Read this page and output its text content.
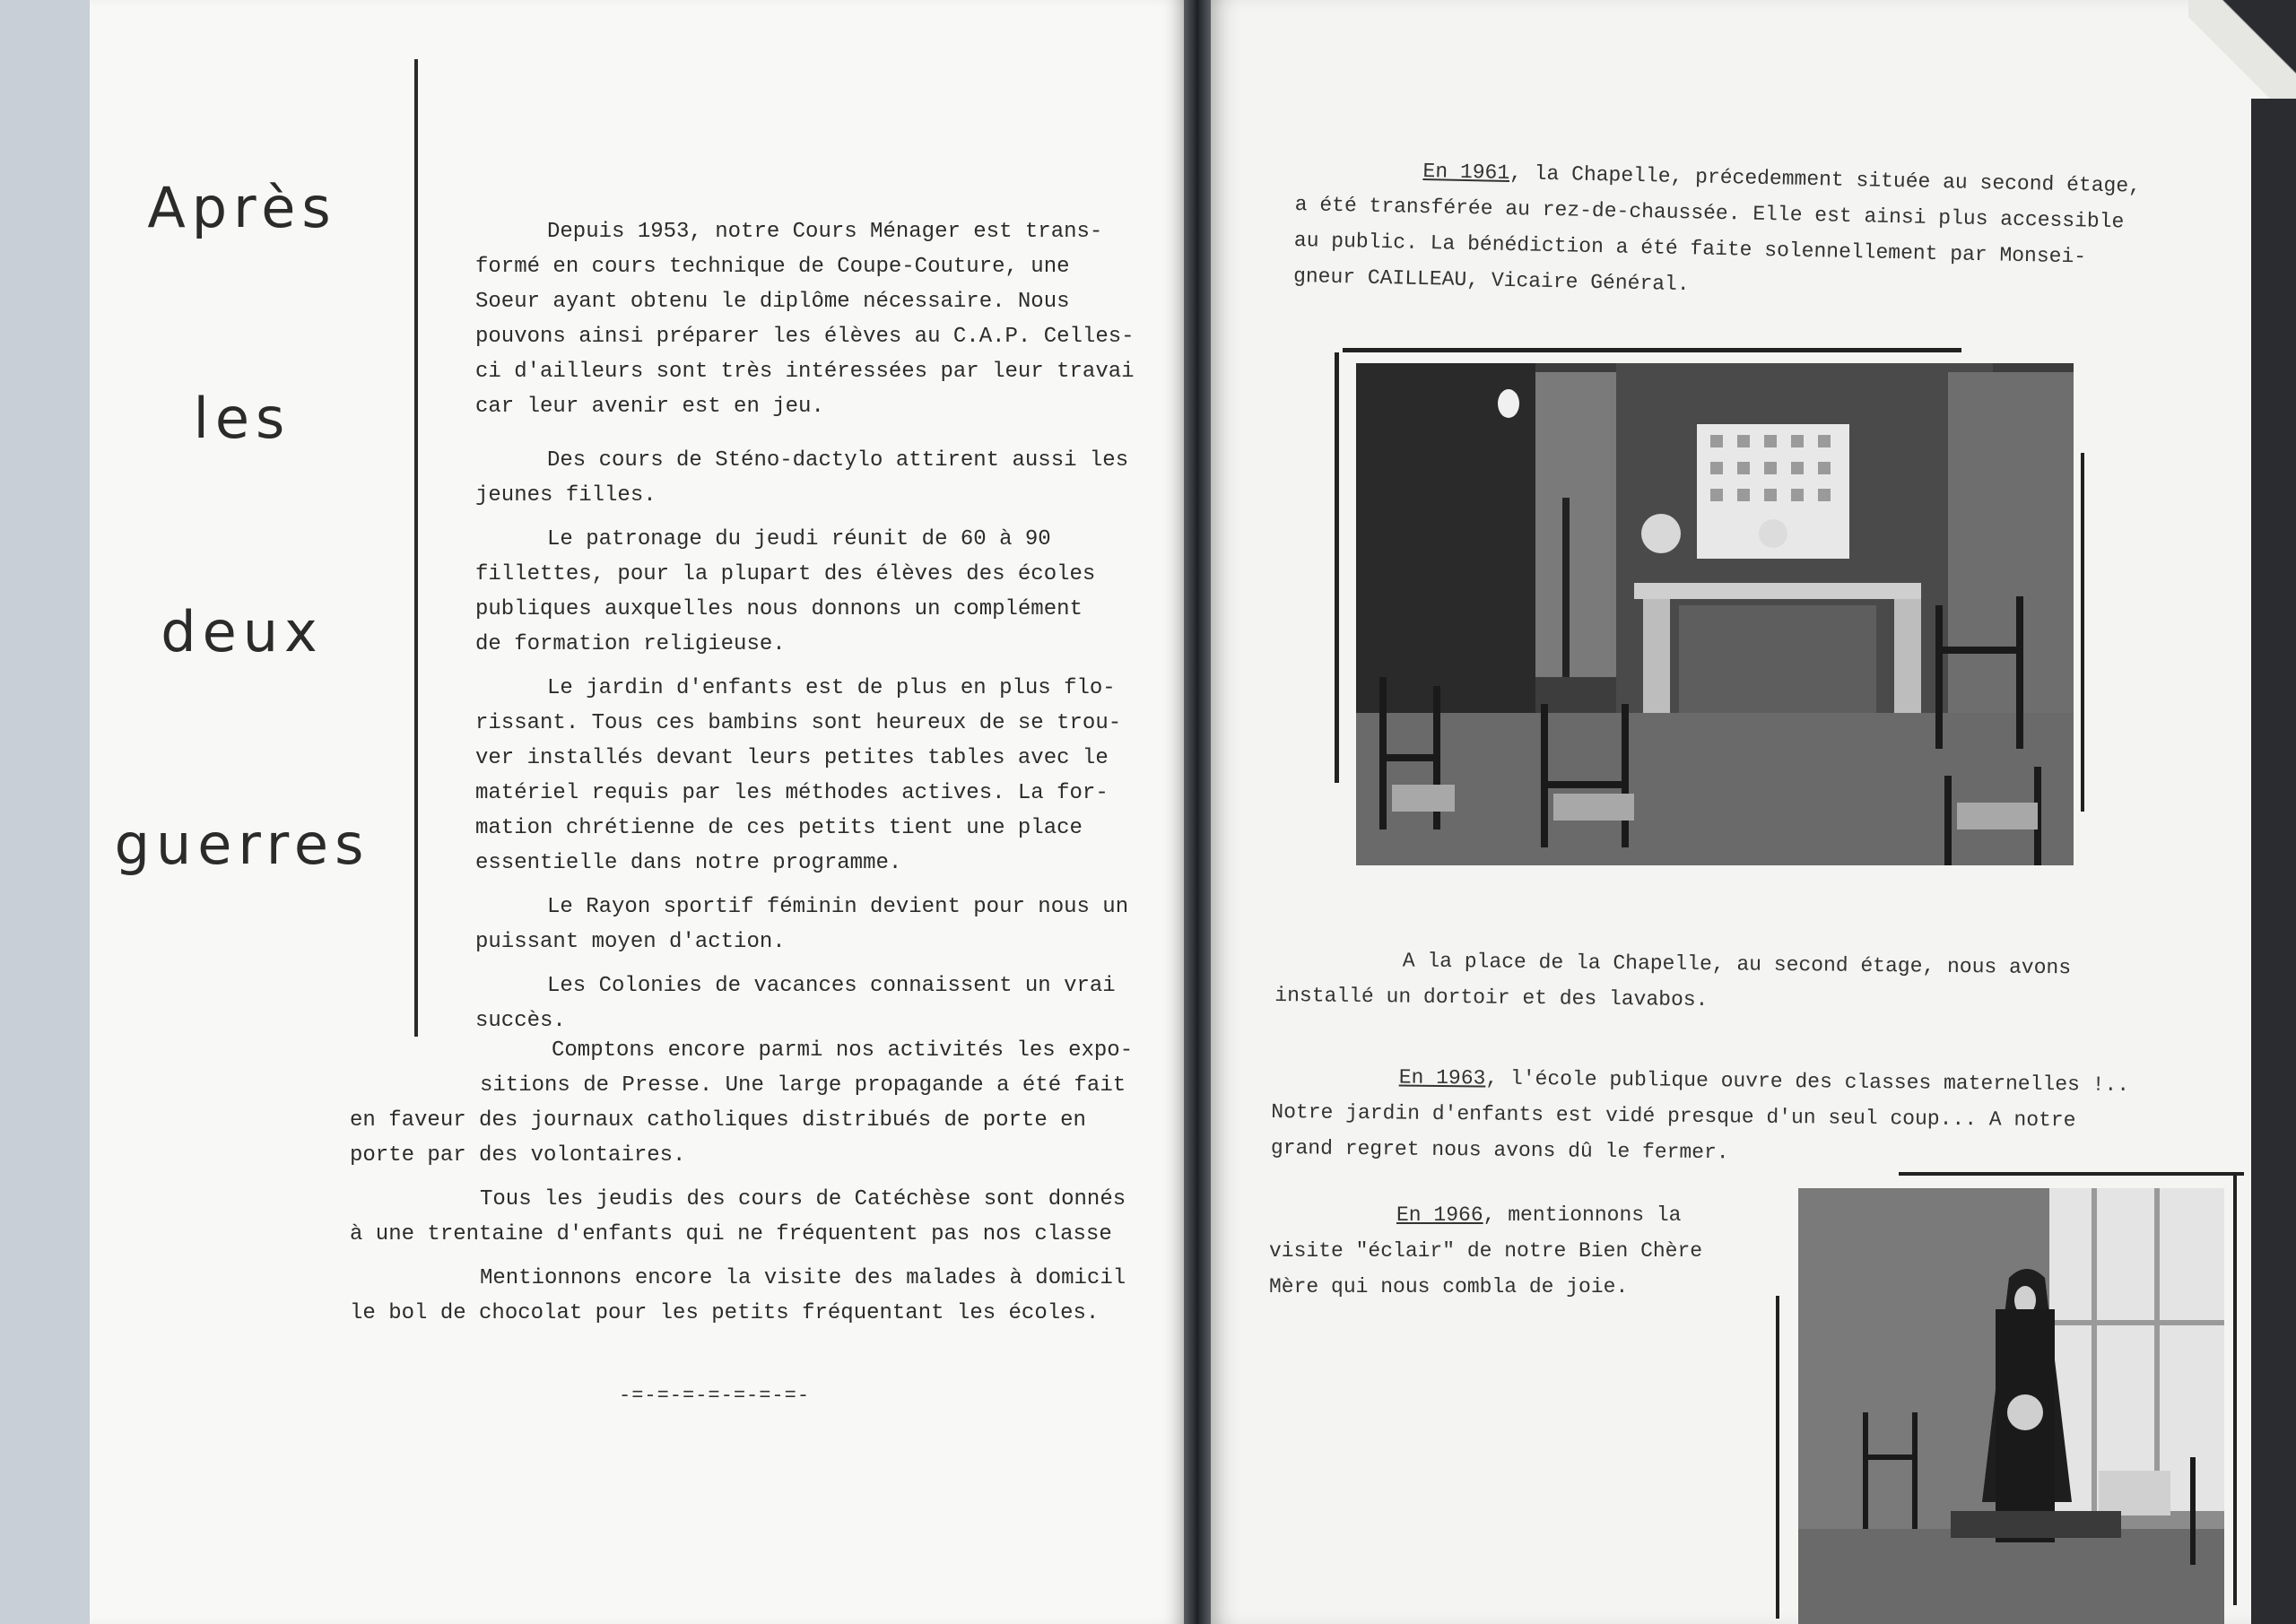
Après
les
deux
guerres

Depuis 1953, notre Cours Ménager est trans-
formé en cours technique de Coupe-Couture, une
Soeur ayant obtenu le diplôme nécessaire. Nous
pouvons ainsi préparer les élèves au C.A.P. Celles-
ci d'ailleurs sont très intéressées par leur travai
car leur avenir est en jeu.

Des cours de Sténo-dactylo attirent aussi les
jeunes filles.
Le patronage du jeudi réunit de 60 à 90
fillettes, pour la plupart des élèves des écoles
publiques auxquelles nous donnons un complément
de formation religieuse.
Le jardin d'enfants est de plus en plus flo-
rissant. Tous ces bambins sont heureux de se trou-
ver installés devant leurs petites tables avec le
matériel requis par les méthodes actives. La for-
mation chrétienne de ces petits tient une place
essentielle dans notre programme.
Le Rayon sportif féminin devient pour nous un
puissant moyen d'action.
Les Colonies de vacances connaissent un vrai
succès.
Comptons encore parmi nos activités les expo-
sitions de Presse. Une large propagande a été fait
en faveur des journaux catholiques distribués de porte en
porte par des volontaires.
Tous les jeudis des cours de Catéchèse sont donnés
à une trentaine d'enfants qui ne fréquentent pas nos classe
Mentionnons encore la visite des malades à domicil
le bol de chocolat pour les petits fréquentant les écoles.
-=-=-=-=-=-=-=-
En 1961, la Chapelle, précedemment située au second étage,
a été transférée au rez-de-chaussée. Elle est ainsi plus accessible
au public. La bénédiction a été faite solennellement par Monsei-
gneur CAILLEAU, Vicaire Général.
A la place de la Chapelle, au second étage, nous avons
installé un dortoir et des lavabos.
En 1963, l'école publique ouvre des classes maternelles !..
Notre jardin d'enfants est vidé presque d'un seul coup... A notre
grand regret nous avons dû le fermer.
En 1966, mentionnons la
visite "éclair" de notre Bien Chère
Mère qui nous combla de joie.
